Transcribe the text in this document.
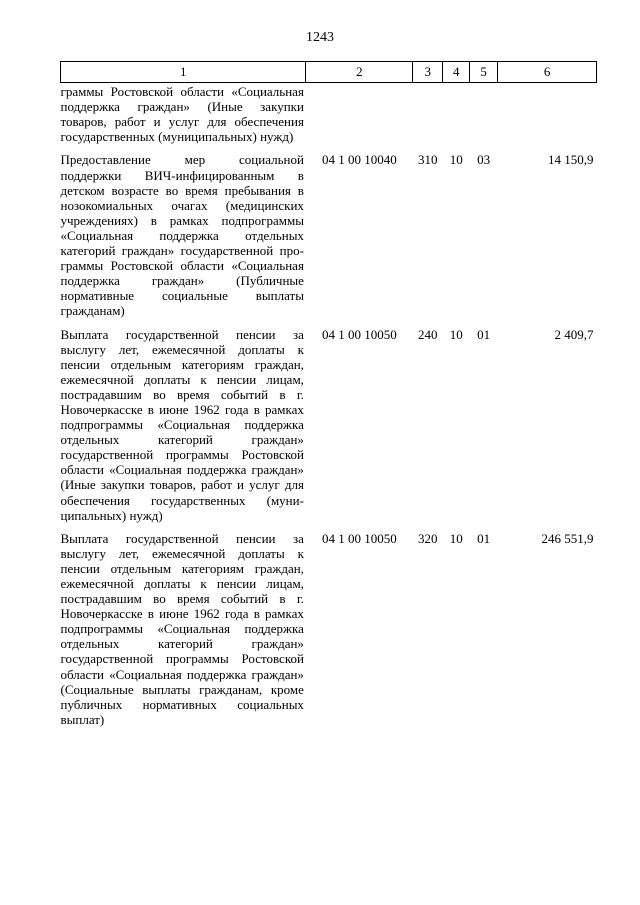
1243
1	2	3	4	5	6
граммы Ростовской области «Социальная поддержка граждан» (Иные закупки товаров, работ и услуг для обеспечения государственных (муниципальных) нужд)					

Предоставление мер социальной поддержки ВИЧ-инфицированным в детском возрасте во время пребывания в нозокомиальных очагах (медицинских учреждениях) в рамках подпрограммы «Социальная поддержка отдельных категорий граждан» государственной программы Ростовской области «Социальная поддержка граждан» (Публичные нормативные социальные выплаты гражданам)	04 1 00 10040	310	10	03	14 150,9

Выплата государственной пенсии за выслугу лет, ежемесячной доплаты к пенсии отдельным категориям граждан, ежемесячной доплаты к пенсии лицам, пострадавшим во время событий в г. Новочеркасске в июне 1962 года в рамках подпрограммы «Социальная поддержка отдельных категорий граждан» государственной программы Ростовской области «Социальная поддержка граждан» (Иные закупки товаров, работ и услуг для обеспечения государственных (муниципальных) нужд)	04 1 00 10050	240	10	01	2 409,7

Выплата государственной пенсии за выслугу лет, ежемесячной доплаты к пенсии отдельным категориям граждан, ежемесячной доплаты к пенсии лицам, пострадавшим во время событий в г. Новочеркасске в июне 1962 года в рамках подпрограммы «Социальная поддержка отдельных категорий граждан» государственной программы Ростовской области «Социальная поддержка граждан» (Социальные выплаты гражданам, кроме публичных нормативных социальных выплат)	04 1 00 10050	320	10	01	246 551,9
